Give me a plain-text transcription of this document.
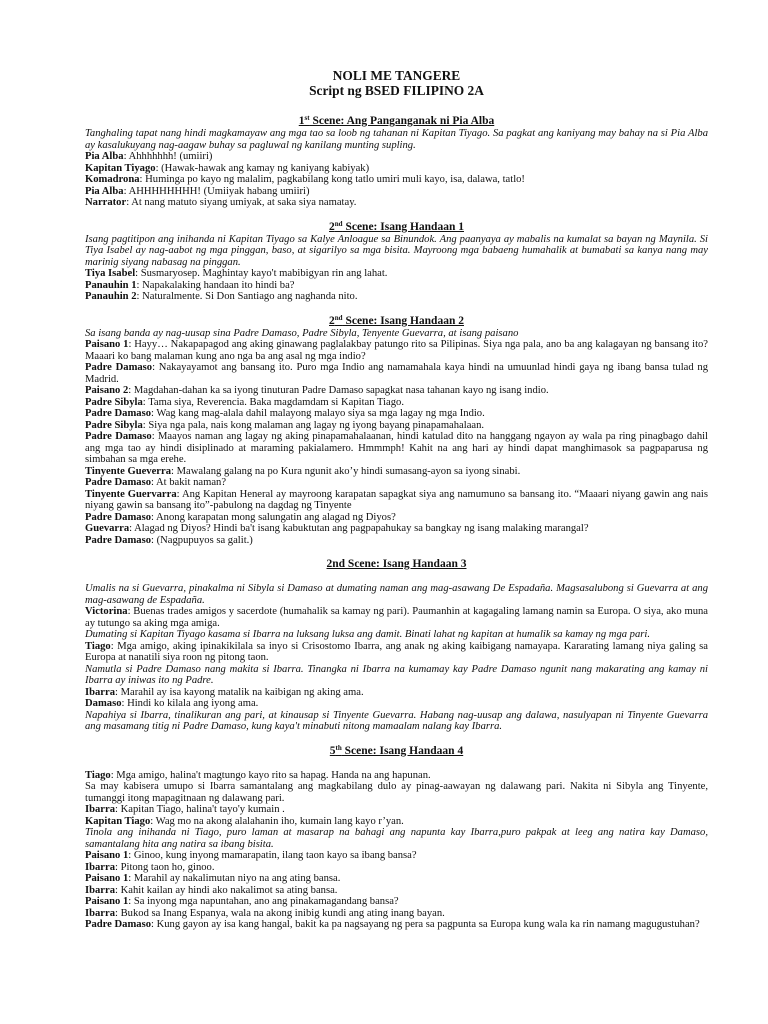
NOLI ME TANGERE
Script ng BSED FILIPINO 2A
1st Scene: Ang Panganganak ni Pia Alba

Tanghaling tapat nang hindi magkamayaw ang mga tao sa loob ng tahanan ni Kapitan Tiyago. Sa pagkat ang kaniyang may bahay na si Pia Alba ay kasalukuyang nag-aagaw buhay sa pagluwal ng kanilang munting supling.

Pia Alba: Ahhhhhhh! (umiiri)

Kapitan Tiyago: (Hawak-hawak ang kamay ng kaniyang kabiyak)

Komadrona: Huminga po kayo ng malalim, pagkabilang kong tatlo umiri muli kayo, isa, dalawa, tatlo!

Pia Alba: AHHHHHHHH! (Umiiyak habang umiiri)

Narrator: At nang matuto siyang umiyak, at saka siya namatay.

2nd Scene: Isang Handaan 1

Isang pagtitipon ang inihanda ni Kapitan Tiyago sa Kalye Anloague sa Binundok. Ang paanyaya ay mabalis na kumalat sa bayan ng Maynila. Si Tiya Isabel ay nag-aabot ng mga pinggan, baso, at sigarilyo sa mga bisita. Mayroong mga babaeng humahalik at bumabati sa kanya nang may marinig siyang nabasag na pinggan.

Tiya Isabel: Susmaryosep. Maghintay kayo't mabibigyan rin ang lahat.

Panauhin 1: Napakalaking handaan ito hindi ba?

Panauhin 2: Naturalmente. Si Don Santiago ang naghanda nito.

2nd Scene: Isang Handaan 2

Sa isang banda ay nag-uusap sina Padre Damaso, Padre Sibyla, Tenyente Guevarra, at isang paisano

Paisano 1: Hayy… Nakapapagod ang aking ginawang paglalakbay patungo rito sa Pilipinas. Siya nga pala, ano ba ang kalagayan ng bansang ito? Maaari ko bang malaman kung ano nga ba ang asal ng mga indio?

Padre Damaso: Nakayayamot ang bansang ito. Puro mga Indio ang namamahala kaya hindi na umuunlad hindi gaya ng ibang bansa tulad ng Madrid.

Paisano 2: Magdahan-dahan ka sa iyong tinuturan Padre Damaso sapagkat nasa tahanan kayo ng isang indio.

Padre Sibyla: Tama siya, Reverencia. Baka magdamdam si Kapitan Tiago.

Padre Damaso: Wag kang mag-alala dahil malayong malayo siya sa mga lagay ng mga Indio.

Padre Sibyla: Siya nga pala, nais kong malaman ang lagay ng iyong bayang pinapamahalaan.

Padre Damaso: Maayos naman ang lagay ng aking pinapamahalaanan, hindi katulad dito na hanggang ngayon ay wala pa ring pinagbago dahil ang mga tao ay hindi disiplinado at maraming pakialamero. Hmmmph! Kahit na ang hari ay hindi dapat manghimasok sa pagpaparusa ng simbahan sa mga erehe.

Tinyente Gueverra: Mawalang galang na po Kura ngunit ako’y hindi sumasang-ayon sa iyong sinabi.

Padre Damaso: At bakit naman?

Tinyente Guervarra: Ang Kapitan Heneral ay mayroong karapatan sapagkat siya ang namumuno sa bansang ito. “Maaari niyang gawin ang nais niyang gawin sa bansang ito”-pabulong na dagdag ng Tinyente

Padre Damaso: Anong karapatan mong salungatin ang alagad ng Diyos?

Guevarra: Alagad ng Diyos? Hindi ba't isang kabuktutan ang pagpapahukay sa bangkay ng isang malaking marangal?

Padre Damaso: (Nagpupuyos sa galit.)

2nd Scene: Isang Handaan 3

Umalis na si Guevarra, pinakalma ni Sibyla si Damaso at dumating naman ang mag-asawang De Espadaña. Magsasalubong si Guevarra at ang mag-asawang de Espadaña.

Victorina: Buenas trades amigos y sacerdote (humahalik sa kamay ng pari). Paumanhin at kagagaling lamang namin sa Europa. O siya, ako muna ay tutungo sa aking mga amiga.

Dumating si Kapitan Tiyago kasama si Ibarra na luksang luksa ang damit. Binati lahat ng kapitan at humalik sa kamay ng mga pari.

Tiago: Mga amigo, aking ipinakikilala sa inyo si Crisostomo Ibarra, ang anak ng aking kaibigang namayapa. Kararating lamang niya galing sa Europa at nanatili siya roon ng pitong taon.

Namutla si Padre Damaso nang makita si Ibarra. Tinangka ni Ibarra na kumamay kay Padre Damaso ngunit nang makarating ang kamay ni Ibarra ay iniwas ito ng Padre.

Ibarra: Marahil ay isa kayong matalik na kaibigan ng aking ama.

Damaso: Hindi ko kilala ang iyong ama.

Napahiya si Ibarra, tinalikuran ang pari, at kinausap si Tinyente Guevarra. Habang nag-uusap ang dalawa, nasulyapan ni Tinyente Guevarra ang masamang titig ni Padre Damaso, kung kaya't minabuti nitong mamaalam nalang kay Ibarra.

5th Scene: Isang Handaan 4

Tiago: Mga amigo, halina't magtungo kayo rito sa hapag. Handa na ang hapunan.

Sa may kabisera umupo si Ibarra samantalang ang magkabilang dulo ay pinag-aawayan ng dalawang pari. Nakita ni Sibyla ang Tinyente, tumanggi itong mapagitnaan ng dalawang pari.

Ibarra: Kapitan Tiago, halina't tayo'y kumain .

Kapitan Tiago: Wag mo na akong alalahanin iho, kumain lang kayo r’yan.

Tinola ang inihanda ni Tiago, puro laman at masarap na bahagi ang napunta kay Ibarra,puro pakpak at leeg ang natira kay Damaso, samantalang hita ang natira sa ibang bisita.

Paisano 1: Ginoo, kung inyong mamarapatin, ilang taon kayo sa ibang bansa?

Ibarra: Pitong taon ho, ginoo.

Paisano 1: Marahil ay nakalimutan niyo na ang ating bansa.

Ibarra: Kahit kailan ay hindi ako nakalimot sa ating bansa.

Paisano 1: Sa inyong mga napuntahan, ano ang pinakamagandang bansa?

Ibarra: Bukod sa Inang Espanya, wala na akong inibig kundi ang ating inang bayan.

Padre Damaso: Kung gayon ay isa kang hangal, bakit ka pa nagsayang ng pera sa pagpunta sa Europa kung wala ka rin namang magugustuhan?
